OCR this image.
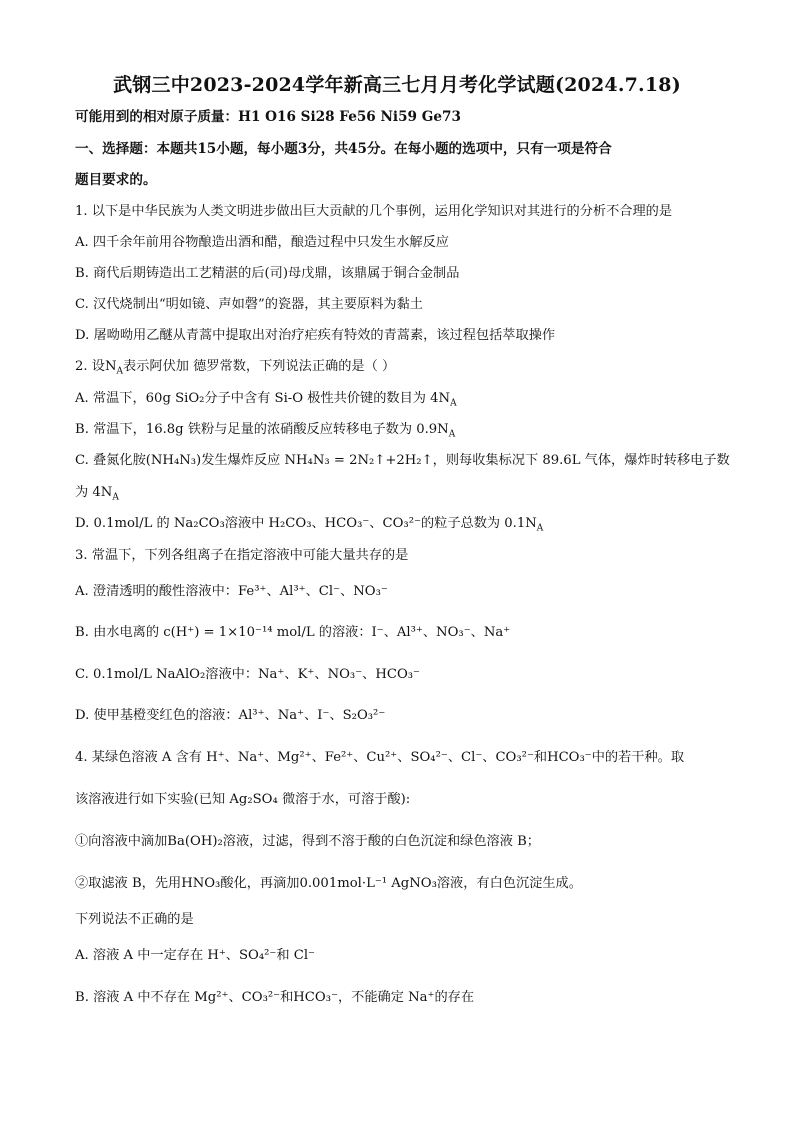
武钢三中2023-2024学年新高三七月月考化学试题(2024.7.18)
可能用到的相对原子质量：H1 O16 Si28 Fe56 Ni59 Ge73
一、选择题：本题共15小题，每小题3分，共45分。在每小题的选项中，只有一项是符合
题目要求的。
1. 以下是中华民族为人类文明进步做出巨大贡献的几个事例，运用化学知识对其进行的分析不合理的是
A. 四千余年前用谷物酿造出酒和醋，酿造过程中只发生水解反应
B. 商代后期铸造出工艺精湛的后(司)母戊鼎，该鼎属于铜合金制品
C. 汉代烧制出“明如镜、声如磬”的瓷器，其主要原料为黏土
D. 屠呦呦用乙醚从青蒿中提取出对治疗疟疾有特效的青蒿素，该过程包括萃取操作
2. 设$N_A$表示阿伏加 德罗常数，下列说法正确的是（ ）
A. 常温下，60g SiO₂分子中含有 Si-O 极性共价键的数目为 $4N_A$
B. 常温下，16.8g 铁粉与足量的浓硝酸反应转移电子数为 $0.9N_A$
C. 叠氮化胺(NH₄N₃)发生爆炸反应 NH₄N₃ = 2N₂↑+2H₂↑，则每收集标况下 89.6L 气体，爆炸时转移电子数
为 $4N_A$
D. 0.1mol/L 的 Na₂CO₃溶液中 H₂CO₃、HCO₃⁻、CO₃²⁻的粒子总数为 $0.1N_A$
3. 常温下，下列各组离子在指定溶液中可能大量共存的是
A. 澄清透明的酸性溶液中：Fe³⁺、Al³⁺、Cl⁻、NO₃⁻
B. 由水电离的 c(H⁺) = 1×10⁻¹⁴ mol/L 的溶液：I⁻、Al³⁺、NO₃⁻、Na⁺
C. 0.1mol/L NaAlO₂溶液中：Na⁺、K⁺、NO₃⁻、HCO₃⁻
D. 使甲基橙变红色的溶液：Al³⁺、Na⁺、I⁻、S₂O₃²⁻
4. 某绿色溶液 A 含有 H⁺、Na⁺、Mg²⁺、Fe²⁺、Cu²⁺、SO₄²⁻、Cl⁻、CO₃²⁻和HCO₃⁻中的若干种。取
该溶液进行如下实验(已知 Ag₂SO₄ 微溶于水，可溶于酸):
①向溶液中滴加Ba(OH)₂溶液，过滤，得到不溶于酸的白色沉淀和绿色溶液 B；
②取滤液 B，先用HNO₃酸化，再滴加0.001mol·L⁻¹ AgNO₃溶液，有白色沉淀生成。
下列说法不正确的是
A. 溶液 A 中一定存在 H⁺、SO₄²⁻和 Cl⁻
B. 溶液 A 中不存在 Mg²⁺、CO₃²⁻和HCO₃⁻，不能确定 Na⁺的存在
